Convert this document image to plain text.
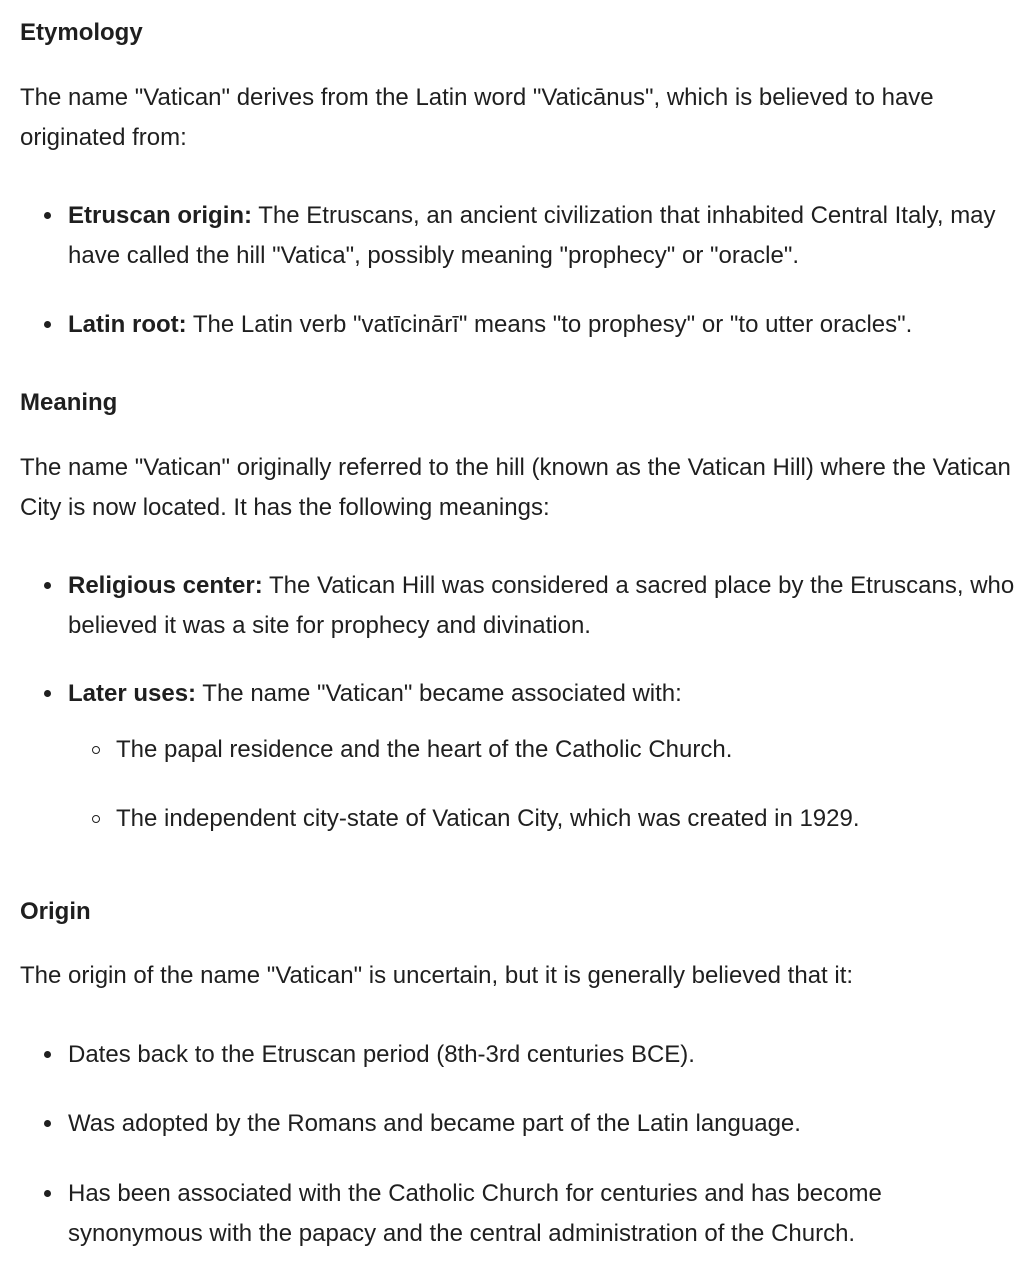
Etymology

The name "Vatican" derives from the Latin word "Vaticānus", which is believed to have originated from:

Etruscan origin: The Etruscans, an ancient civilization that inhabited Central Italy, may have called the hill "Vatica", possibly meaning "prophecy" or "oracle".

Latin root: The Latin verb "vatīcinārī" means "to prophesy" or "to utter oracles".

Meaning

The name "Vatican" originally referred to the hill (known as the Vatican Hill) where the Vatican City is now located. It has the following meanings:

Religious center: The Vatican Hill was considered a sacred place by the Etruscans, who believed it was a site for prophecy and divination.

Later uses: The name "Vatican" became associated with:

The papal residence and the heart of the Catholic Church.

The independent city-state of Vatican City, which was created in 1929.

Origin

The origin of the name "Vatican" is uncertain, but it is generally believed that it:

Dates back to the Etruscan period (8th-3rd centuries BCE).

Was adopted by the Romans and became part of the Latin language.

Has been associated with the Catholic Church for centuries and has become synonymous with the papacy and the central administration of the Church.
